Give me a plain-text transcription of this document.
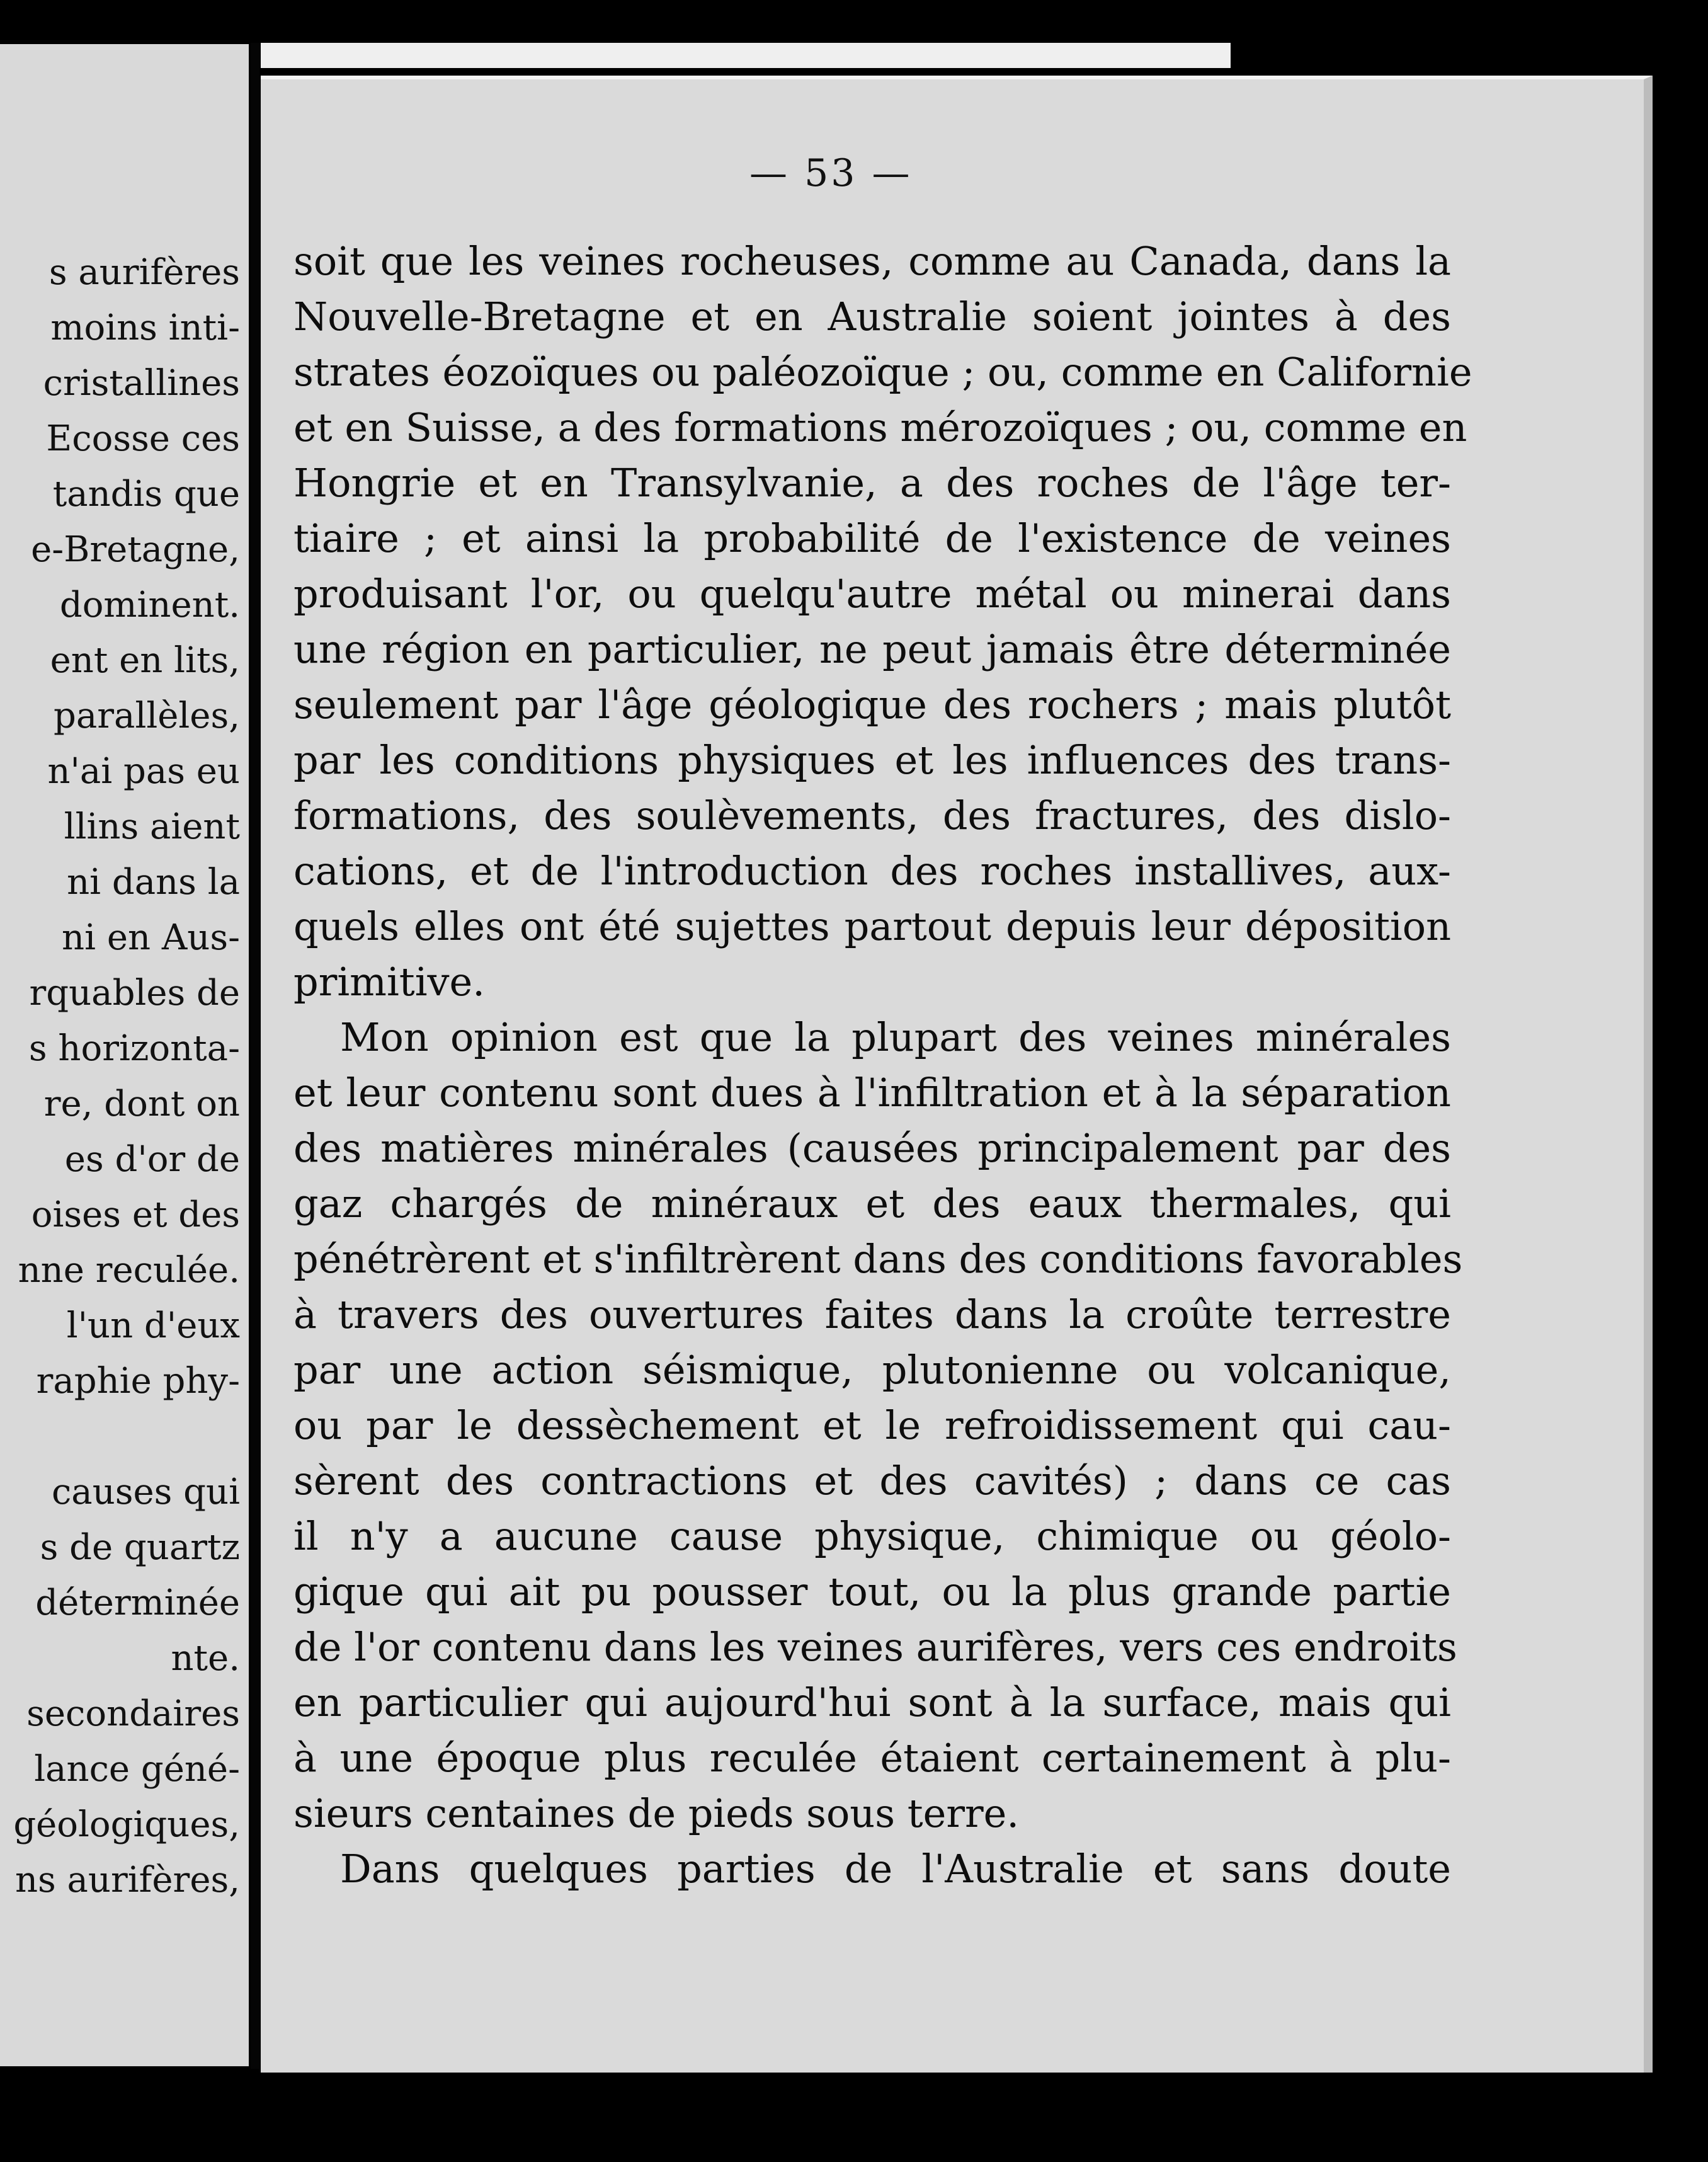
s aurifères
moins inti-
cristallines
Ecosse ces
tandis que
e-Bretagne,
dominent.
ent en lits,
parallèles,
n'ai pas eu
llins aient
ni dans la
ni en Aus-
rquables de
s horizonta-
re, dont on
es d'or de
oises et des
nne reculée.
l'un d'eux
raphie phy-
causes qui
s de quartz
déterminée
nte.
secondaires
lance géné-
géologiques,
ns aurifères,
— 53 —
soit que les veines rocheuses, comme au Canada, dans la
Nouvelle-Bretagne et en Australie soient jointes à des
strates éozoïques ou paléozoïque ; ou, comme en Californie
et en Suisse, a des formations mérozoïques ; ou, comme en
Hongrie et en Transylvanie, a des roches de l'âge ter-
tiaire ; et ainsi la probabilité de l'existence de veines
produisant l'or, ou quelqu'autre métal ou minerai dans
une région en particulier, ne peut jamais être déterminée
seulement par l'âge géologique des rochers ; mais plutôt
par les conditions physiques et les influences des trans-
formations, des soulèvements, des fractures, des dislo-
cations, et de l'introduction des roches installives, aux-
quels elles ont été sujettes partout depuis leur déposition
primitive.
Mon opinion est que la plupart des veines minérales
et leur contenu sont dues à l'infiltration et à la séparation
des matières minérales (causées principalement par des
gaz chargés de minéraux et des eaux thermales, qui
pénétrèrent et s'infiltrèrent dans des conditions favorables
à travers des ouvertures faites dans la croûte terrestre
par une action séismique, plutonienne ou volcanique,
ou par le dessèchement et le refroidissement qui cau-
sèrent des contractions et des cavités) ; dans ce cas
il n'y a aucune cause physique, chimique ou géolo-
gique qui ait pu pousser tout, ou la plus grande partie
de l'or contenu dans les veines aurifères, vers ces endroits
en particulier qui aujourd'hui sont à la surface, mais qui
à une époque plus reculée étaient certainement à plu-
sieurs centaines de pieds sous terre.
Dans quelques parties de l'Australie et sans doute
